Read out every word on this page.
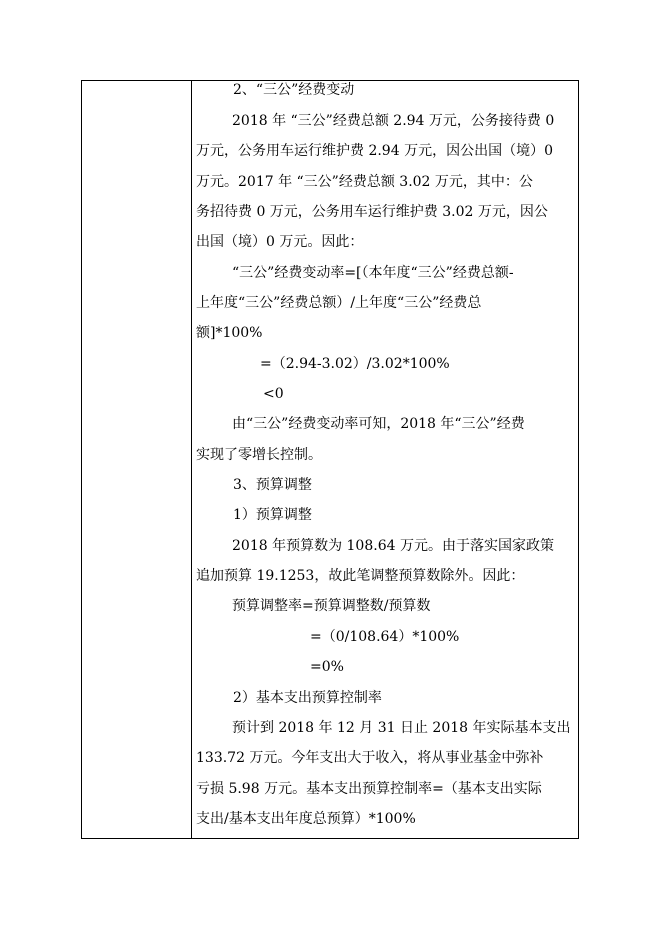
2、“三公”经费变动
2018 年 “三公”经费总额 2.94 万元，公务接待费 0
万元，公务用车运行维护费 2.94 万元，因公出国（境）0
万元。2017 年 “三公”经费总额 3.02 万元，其中：公
务招待费 0 万元，公务用车运行维护费 3.02 万元，因公
出国（境）0 万元。因此：
“三公”经费变动率=[（本年度“三公”经费总额-
上年度“三公”经费总额）/上年度“三公”经费总
额]*100%
=（2.94-3.02）/3.02*100%
<0
由“三公”经费变动率可知，2018 年“三公”经费
实现了零增长控制。
3、预算调整
1）预算调整
2018 年预算数为 108.64 万元。由于落实国家政策
追加预算 19.1253，故此笔调整预算数除外。因此：
预算调整率=预算调整数/预算数
=（0/108.64）*100%
=0%
2）基本支出预算控制率
预计到 2018 年 12 月 31 日止 2018 年实际基本支出
133.72 万元。今年支出大于收入，将从事业基金中弥补
亏损 5.98 万元。基本支出预算控制率=（基本支出实际
支出/基本支出年度总预算）*100%
